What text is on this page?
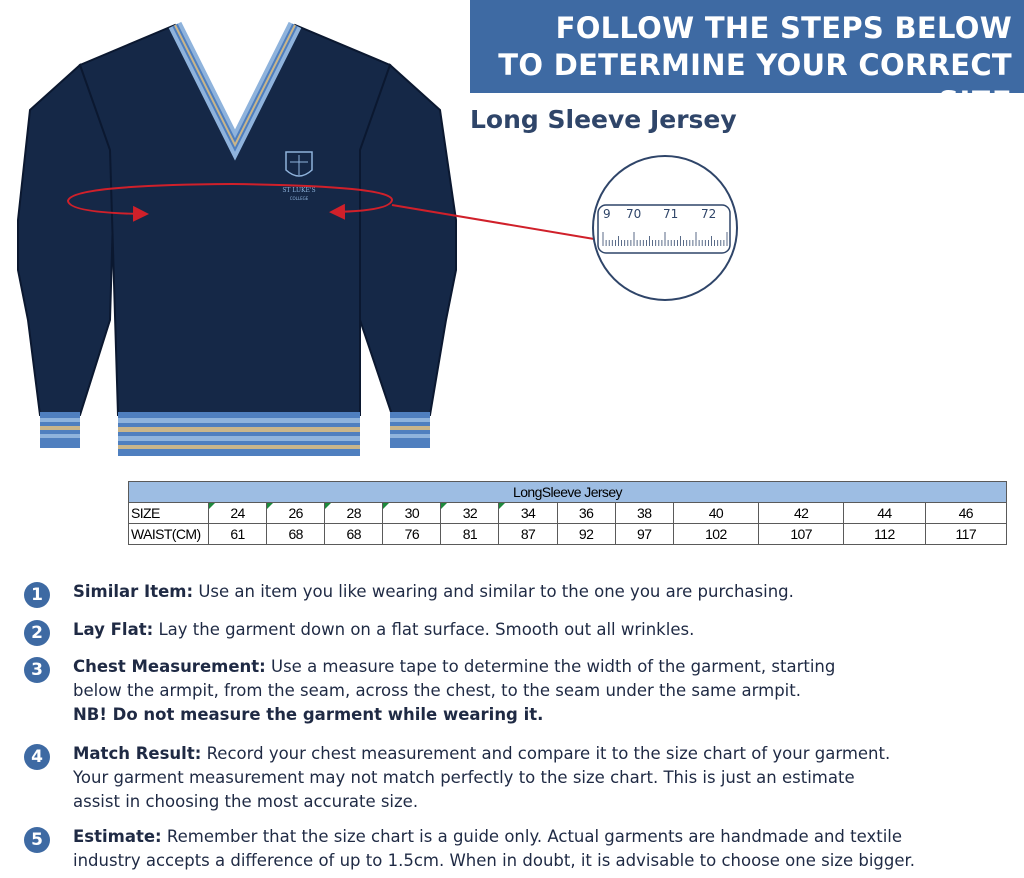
FOLLOW THE STEPS BELOW
TO DETERMINE YOUR CORRECT SIZE
Long Sleeve Jersey
ST LUKE'S
COLLEGE
9 70 71 72
LongSleeve Jersey												
SIZE	24	26	28	30	32	34	36	38	40	42	44	46
WAIST(CM)	61	68	68	76	81	87	92	97	102	107	112	117
1	Similar Item: Use an item you like wearing and similar to the one you are purchasing.
2	Lay Flat: Lay the garment down on a flat surface. Smooth out all wrinkles.
3	Chest Measurement: Use a measure tape to determine the width of the garment, starting
below the armpit, from the seam, across the chest, to the seam under the same armpit.
NB! Do not measure the garment while wearing it.
4	Match Result: Record your chest measurement and compare it to the size chart of your garment.
Your garment measurement may not match perfectly to the size chart. This is just an estimate
assist in choosing the most accurate size.
5	Estimate: Remember that the size chart is a guide only. Actual garments are handmade and textile
industry accepts a difference of up to 1.5cm. When in doubt, it is advisable to choose one size bigger.
